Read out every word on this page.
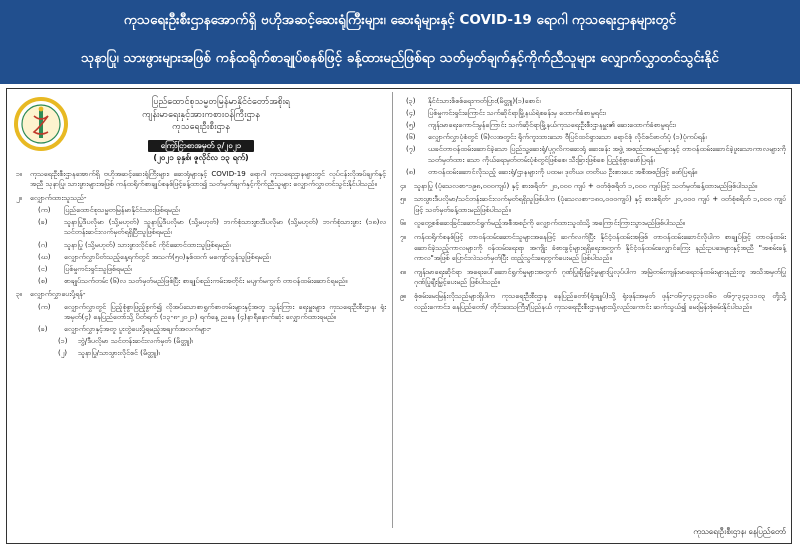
ကုသရေးဦးစီးဌာနအောက်ရှိ ဗဟိုအဆင့်ဆေးရုံကြီးများ၊ ဆေးရုံများနှင့် COVID-19 ရောဂါ ကုသရေးဌာနများတွင်
သုနာပြု၊ သားဖွားများအဖြစ် ကန်ထရိုက်စာချုပ်စနစ်ဖြင့် ခန့်ထားမည်ဖြစ်ရာ သတ်မှတ်ချက်နှင့်ကိုက်ညီသူများ လျှောက်လွှာတင်သွင်းနိုင်
ပြည်ထောင်စုသမ္မတမြန်မာနိုင်ငံတော်အစိုးရ
ကျန်းမာရေးနှင့်အားကစားဝန်ကြီးဌာန
ကုသရေးဦးစီးဌာန
ကြော်ငြာစာအမှတ် ၃/၂၀၂၁
(၂၀၂၁ ခုနှစ်၊ ဇူလိုင်လ ၁၃ ရက်)
၁။ ကုသရေးဦးစီးဌာနအောက်ရှိ ဗဟိုအဆင့်ဆေးရုံကြီးများ၊ ဆေးရုံများနှင့် COVID-19 ရောဂါ ကုသရေးဌာနများတွင် လုပ်ငန်းလိုအပ်ချက်နှင့်အညီ သုနာပြု၊ သားဖွားများအဖြစ် ကန်ထရိုက်စာချုပ်စနစ်ဖြင့်ခန့်ထား၍ သတ်မှတ်ချက်နှင့်ကိုက်ညီသူများ လျှောက်လွှာတင်သွင်းနိုင်ပါသည်။
၂။ လျှောက်ထားသူသည်-
(က) ပြည်ထောင်စုသမ္မတမြန်မာနိုင်ငံသားဖြစ်ရမည်၊
(ခ) သူနာပြုဒီပလိုမာ (သို့မဟုတ်) သူနာပြုဒီပလိုမာ (သို့မဟုတ်) ဘက်စုံသားဖွားဒီပလိုမာ (သို့မဟုတ်) ဘက်စုံသားဖွား (၁၈)လ သင်တန်းဆင်းလက်မှတ်ရရှိပြီးသူဖြစ်ရမည်၊
(ဂ) သူနာပြု (သို့မဟုတ်) သားဖွားလိုင်စင် ကိုင်ဆောင်ထားသူဖြစ်ရမည်၊
(ဃ) လျှောက်လွှာပိတ်သည့်နေ့ရက်တွင် အသက်(၅၀)နှစ်ထက် မကျော်လွန်သူဖြစ်ရမည်၊
(င) ပြစ်မှုကင်းရှင်းသူဖြစ်ရမည်၊
(စ) စာချုပ်သက်တမ်း (၆)လ သတ်မှတ်မည်ဖြစ်ပြီး စာချုပ်စည်းကမ်းအတိုင်း မပျက်မကွက် တာဝန်ထမ်းဆောင်ရမည်။
၃။ လျှောက်လွှာပေးပို့ရန်-
(က) လျှောက်လွှာတွင် ပြည့်စုံစွာဖြည့်စွက်၍ လိုအပ်သောစာရွက်စာတမ်းများနှင့်အတူ သွန်းကြား ရေးမှူးများ၊ ကုသရေးဦးစီးဌာန၊ ရုံးအမှတ်(၄) နေပြည်တော်သို့ ပိတ်ရက် (၁၃-၈-၂၀၂၁) ရက်နေ့ ညနေ (၄)နာရီနောက်ဆုံး လျှောက်ထားရမည်။
(ခ) လျှောက်လွှာနှင့်အတူ ပူးတွဲပေးပို့ရမည့်အချက်အလက်များ-
(၁) ဘွဲ့/ဒီပလိုမာ သင်တန်းဆင်းလက်မှတ် (မိတ္တူ)၊
(၂) သူနာပြု/သားဖွားလိုင်စင် (မိတ္တူ)၊
(၃) နိုင်ငံသားစိစစ်ရေးကတ်ပြား(မိတ္တူ)(၁)စောင်၊
(၄) ပြစ်မှုကင်းရှင်းကြောင်း သက်ဆိုင်ရာမြို့နယ်ရဲစခန်းမှ ထောက်ခံစာမူရင်း၊
(၅) ကျန်းမာရေးကောင်းမွန်ကြောင်း သက်ဆိုင်ရာမြို့နယ်ကုသရေးဦးစီးဌာနမှူး၏ ဆေးထောက်ခံစာမူရင်း၊
(၆) လျှောက်လွှာပုံစံတွင် (၆)လအတွင်း ရိုက်ကူးထားသော ဗီပြင်ထင်ရှားသော ရောင်စုံ လိုင်စင်ဓာတ်ပုံ (၁)ပုံကပ်ရန်၊
(၇) ယခင်တာဝန်ထမ်းဆောင်ခဲ့သော ပြည်သူ့ဆေးရုံ/ပုဂ္ဂလိကဆေးရုံ ဆေးခန်း အဖွဲ့ အစည်းအမည်များနှင့် တာဝန်ထမ်းဆောင်ခဲ့ဖူးသောကာလများကို သတ်မှတ်ထား သော ကိုယ်ရေးမှတ်တမ်းပုံစံတွင်ဖြစ်စေ၊ သီးခြားဖြစ်စေ ပြည့်စုံစွာဖော်ပြရန်၊
(၈) တာဝန်ထမ်းဆောင်လိုသည့် ဆေးရုံ/ဌာနများကို ပထမ၊ ဒုတိယ၊ တတိယ ဦးစားပေး အစီအစဉ်ဖြင့် ဖော်ပြရန်။
၄။ သူနာပြု (ပုံသေလစာ-၁၉၈,၀၀၀ကျပ်) နှင့် စားစရိတ်- ၂၀,၀၀၀ ကျပ် + ဝတ်စုံစရိတ် ၁,၀၀၀ ကျပ်ဖြင့် သတ်မှတ်ခန့်ထားမည်ဖြစ်ပါသည်။
၅။ သားဖွားဒီပလိုမာ/သင်တန်းဆင်းလက်မှတ်ရရှိသူဖြစ်ပါက (ပုံသေလစာ-၁၈၀,၀၀၀ကျပ်) နှင့် စားစရိတ်- ၂၀,၀၀၀ ကျပ် + ဝတ်စုံစရိတ် ၁,၀၀၀ ကျပ်ဖြင့် သတ်မှတ်ခန့်ထားမည်ဖြစ်ပါသည်။
၆။ လူတွေ့စစ်ဆေးခြင်းဆောင်ရွက်မည့်အစီအစဉ်ကို လျှောက်ထားသူထံသို့ အကြောင်းကြားသွားမည်ဖြစ်ပါသည်။
၇။ ကန်ထရိုက်စနစ်ဖြင့် တာဝန်ထမ်းဆောင်သူများအနေဖြင့် ဆက်လက်ပြီး နိုင်ငံ့ဝန်ထမ်းအဖြစ် တာဝန်ထမ်းဆောင်လိုပါက စာချုပ်ဖြင့် တာဝန်ထမ်းဆောင်ခဲ့သည့်ကာလများကို ဝန်ထမ်းရေးရာ အကျိုး ခံစားခွင့်များရရှိရေးအတွက် နိုင်ငံ့ဝန်ထမ်းလျှောင်ကြေး နည်းဥပဒေများနှင့်အညီ "အစမ်းခန့်ကာလ"အဖြစ် ပြောင်းလဲသတ်မှတ်ပြီး ထည့်သွင်းရေတွက်ပေးမည် ဖြစ်ပါသည်။
၈။ ကျန်းမာရေးဆိုင်ရာ အရေးပေါ်ဆောင်ရွက်မှုများအတွက် ဂုဏ်ပြုချီးမြှင့်မှုများပြုလုပ်ပါက အမြဲတမ်းကျန်းမာရေးဝန်ထမ်းများနည်းတူ အသိအမှတ်ပြု ဂုဏ်ပြုချီးမြှင့်ပေးမည် ဖြစ်ပါသည်။
၉။ စုံစမ်းမေးမြန်းလိုသည်များရှိပါက ကုသရေးဦးစီးဌာန နေပြည်တော်(ရုံးချုပ်)သို့ ရုံးဖုန်းအမှတ် ဖုန်း-၀၆၇-၃၄၃၁၀၆၀ ၀၆၇-၃၄၃၁၁၀၃ တို့သို့လည်းကောင်း၊ နေပြည်တော်/ တိုင်းဒေသကြီး/ပြည်နယ် ကုသရေးဦးစီးဌာနများသို့လည်းကောင်း ဆက်သွယ်၍ မေးမြန်းစုံစမ်းနိုင်ပါသည်။
ကုသရေးဦးစီးဌာန၊ နေပြည်တော်
